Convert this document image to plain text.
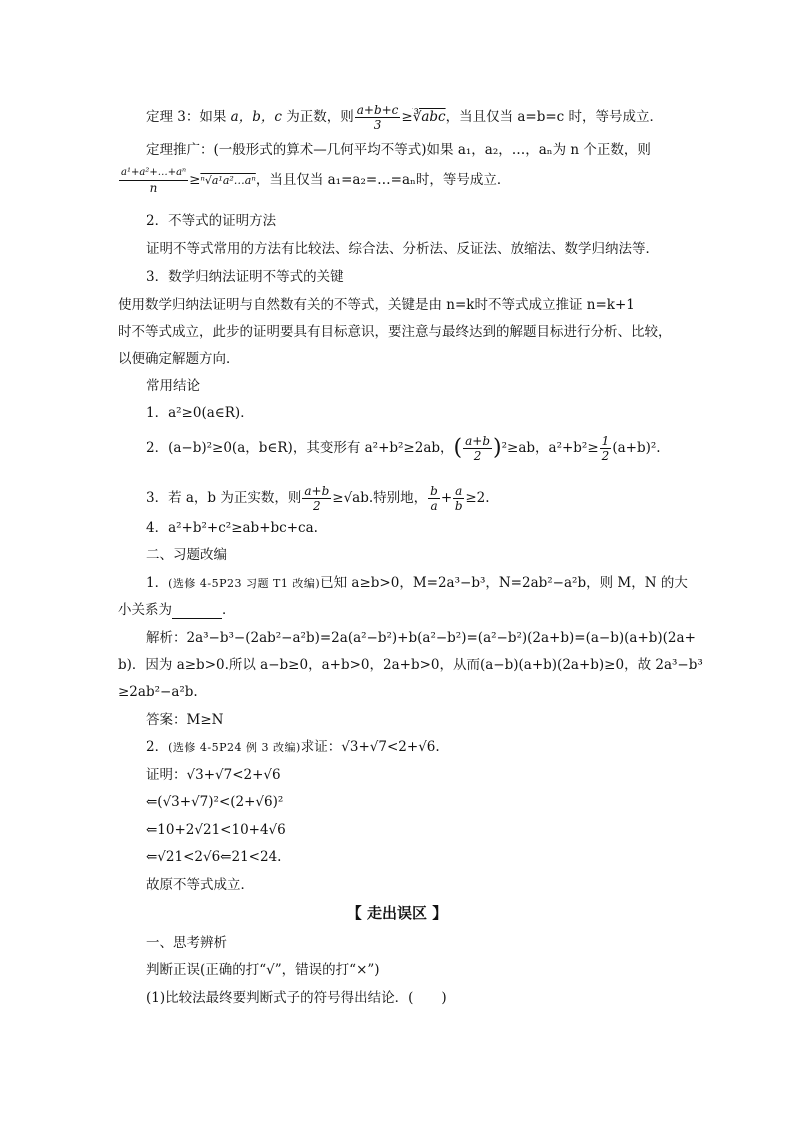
定理 3：如果 a，b，c 为正数，则 $\frac{a+b+c}{3}$ ≥∛abc，当且仅当 a=b=c 时，等号成立．
定理推广：(一般形式的算术—几何平均不等式)如果 a₁，a₂，…，aₙ为 n 个正数，则
$\frac{\text{a¹+a²+…+aⁿ}}{n}$ ≥ⁿ√a¹a²…aⁿ，当且仅当 a₁=a₂=…=aₙ时，等号成立．
2．不等式的证明方法
证明不等式常用的方法有比较法、综合法、分析法、反证法、放缩法、数学归纳法等．
3．数学归纳法证明不等式的关键
使用数学归纳法证明与自然数有关的不等式，关键是由 n=k时不等式成立推证 n=k+1
时不等式成立，此步的证明要具有目标意识，要注意与最终达到的解题目标进行分析、比较，
以便确定解题方向．
常用结论
1．a²≥0(a∈R)．
2．(a−b)²≥0(a，b∈R)，其变形有 a²+b²≥2ab，( $\frac{a+b}{2} )^2\ge ab$，$a^2+b^2\ge \frac{1}{2} (a+b)^2$.
3．若 a，b 为正实数，则 $\frac{a+b}{2} \ge√ab$.特别地， $\frac{b}{a} + \frac{a}{b} \ge 2$.
4．a²+b²+c²≥ab+bc+ca.
二、习题改编
1．(选修 4-5P23 习题 T1 改编)已知 a≥b>0，M=2a³−b³，N=2ab²−a²b，则 M，N 的大
小关系为	．
解析：2a³−b³−(2ab²−a²b)=2a(a²−b²)+b(a²−b²)=(a²−b²)(2a+b)=(a−b)(a+b)(2a+
b)．因为 a≥b>0.所以 a−b≥0，a+b>0，2a+b>0，从而(a−b)(a+b)(2a+b)≥0，故 2a³−b³
≥2ab²−a²b.
答案：M≥N
2．(选修 4-5P24 例 3 改编)求证：√3+√7<2+√6.
证明：√3+√7<2+√6
⇐(√3+√7)²<(2+√6)²
⇐10+2√21<10+4√6
⇐√21<2√6⇐21<24.
故原不等式成立．
【 走出误区 】
一、思考辨析
判断正误(正确的打“√”，错误的打“×”)
(1)比较法最终要判断式子的符号得出结论．( )
